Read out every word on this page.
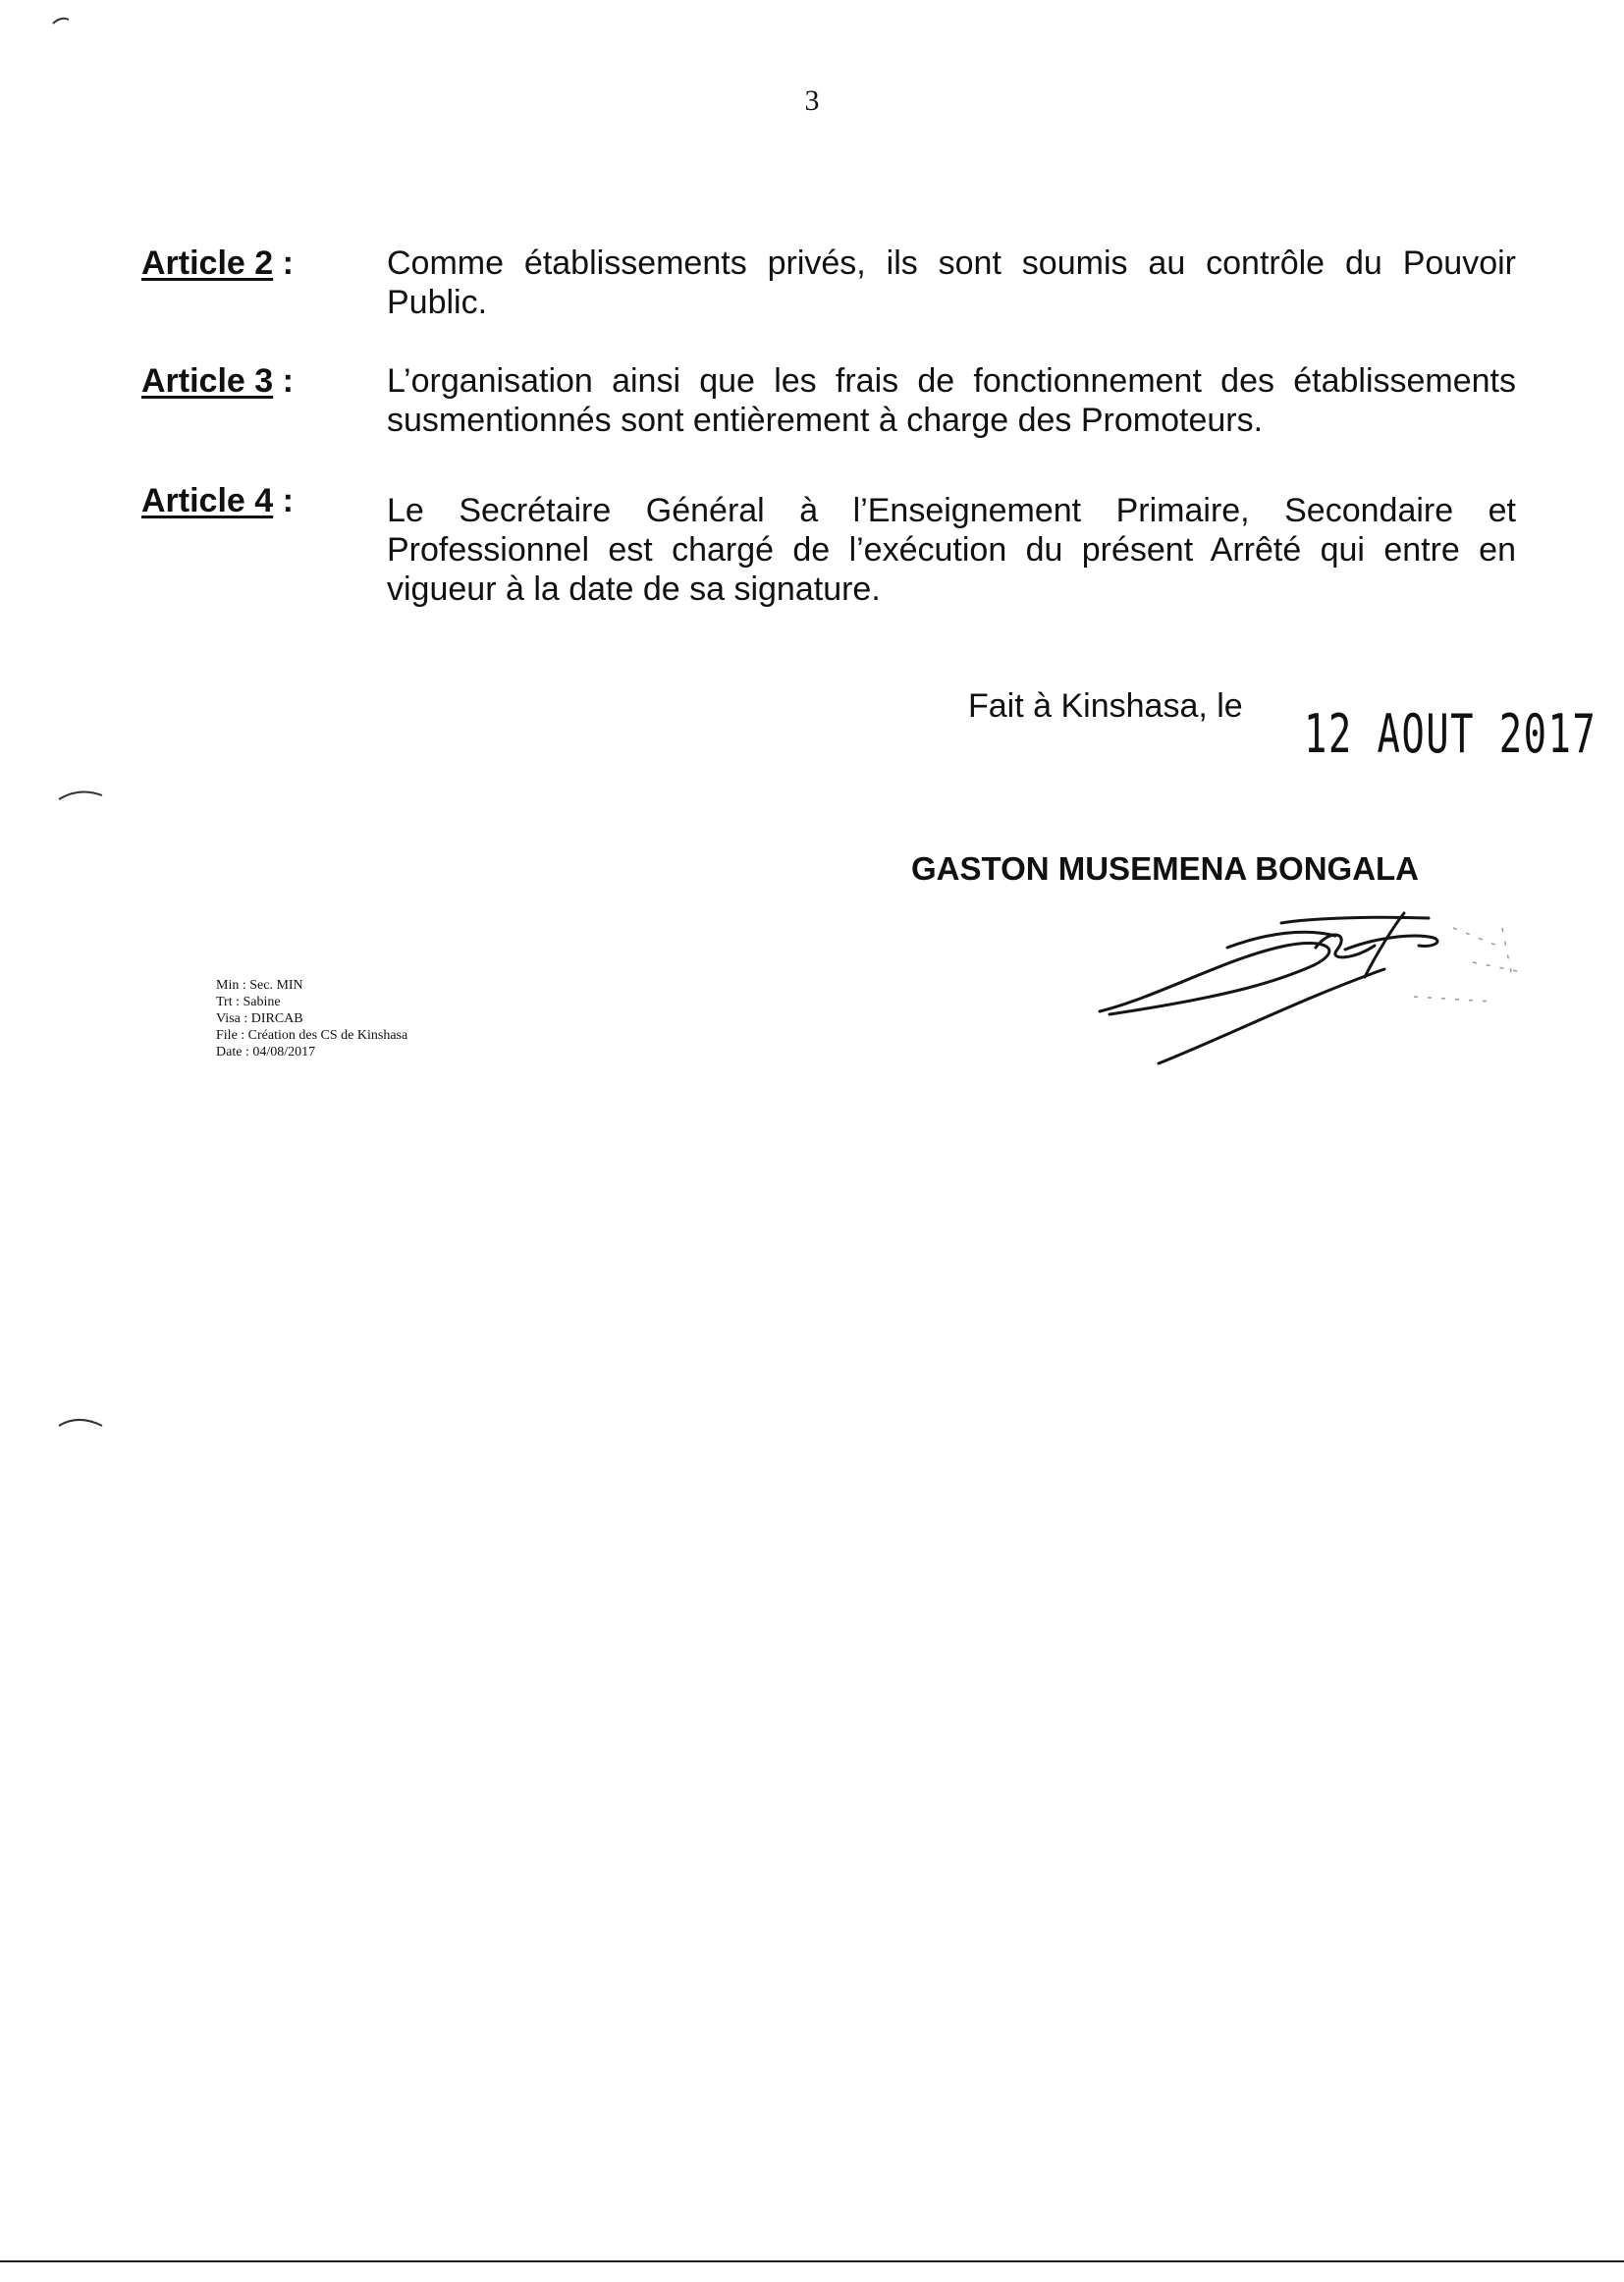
3
Article 2 :	Comme établissements privés, ils sont soumis au contrôle du Pouvoir Public.
Article 3 :	L’organisation ainsi que les frais de fonctionnement des établissements susmentionnés sont entièrement à charge des Promoteurs.
Article 4 :	Le Secrétaire Général à l’Enseignement Primaire, Secondaire et Professionnel est chargé de l’exécution du présent Arrêté qui entre en vigueur à la date de sa signature.
Fait à Kinshasa, le 12 AOUT 2017
GASTON MUSEMENA BONGALA
Min : Sec. MIN
Trt : Sabine
Visa : DIRCAB
File : Création des CS de Kinshasa
Date : 04/08/2017
